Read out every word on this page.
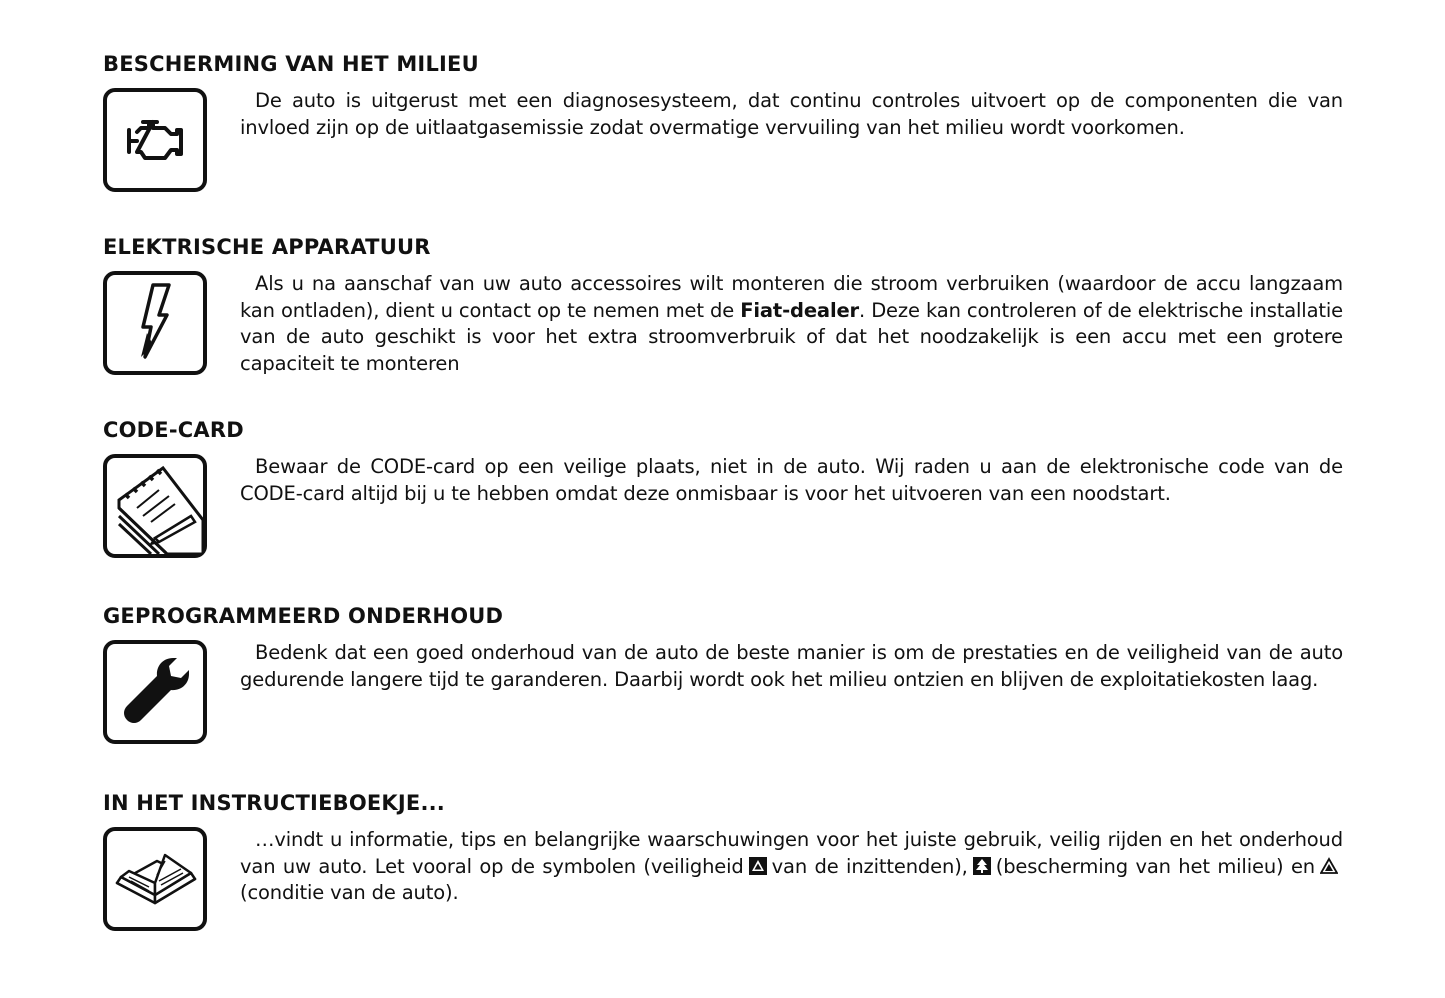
BESCHERMING VAN HET MILIEU
De auto is uitgerust met een diagnosesysteem, dat continu controles uitvoert op de componenten die van invloed zijn op de uitlaatgasemissie zodat overmatige vervuiling van het milieu wordt voorkomen.
ELEKTRISCHE APPARATUUR
Als u na aanschaf van uw auto accessoires wilt monteren die stroom verbruiken (waardoor de accu langzaam kan ontladen), dient u contact op te nemen met de Fiat-dealer. Deze kan controleren of de elektrische installatie van de auto geschikt is voor het extra stroomverbruik of dat het noodzakelijk is een accu met een grotere capaciteit te monteren
CODE-CARD
Bewaar de CODE-card op een veilige plaats, niet in de auto. Wij raden u aan de elektronische code van de CODE-card altijd bij u te hebben omdat deze onmisbaar is voor het uitvoeren van een noodstart.
GEPROGRAMMEERD ONDERHOUD
Bedenk dat een goed onderhoud van de auto de beste manier is om de prestaties en de veiligheid van de auto gedurende langere tijd te garanderen. Daarbij wordt ook het milieu ontzien en blijven de exploitatiekosten laag.
IN HET INSTRUCTIEBOEKJE...
…vindt u informatie, tips en belangrijke waarschuwingen voor het juiste gebruik, veilig rijden en het onderhoud van uw auto. Let vooral op de symbolen (veiligheid van de inzittenden), (bescherming van het milieu) en(conditie van de auto).
